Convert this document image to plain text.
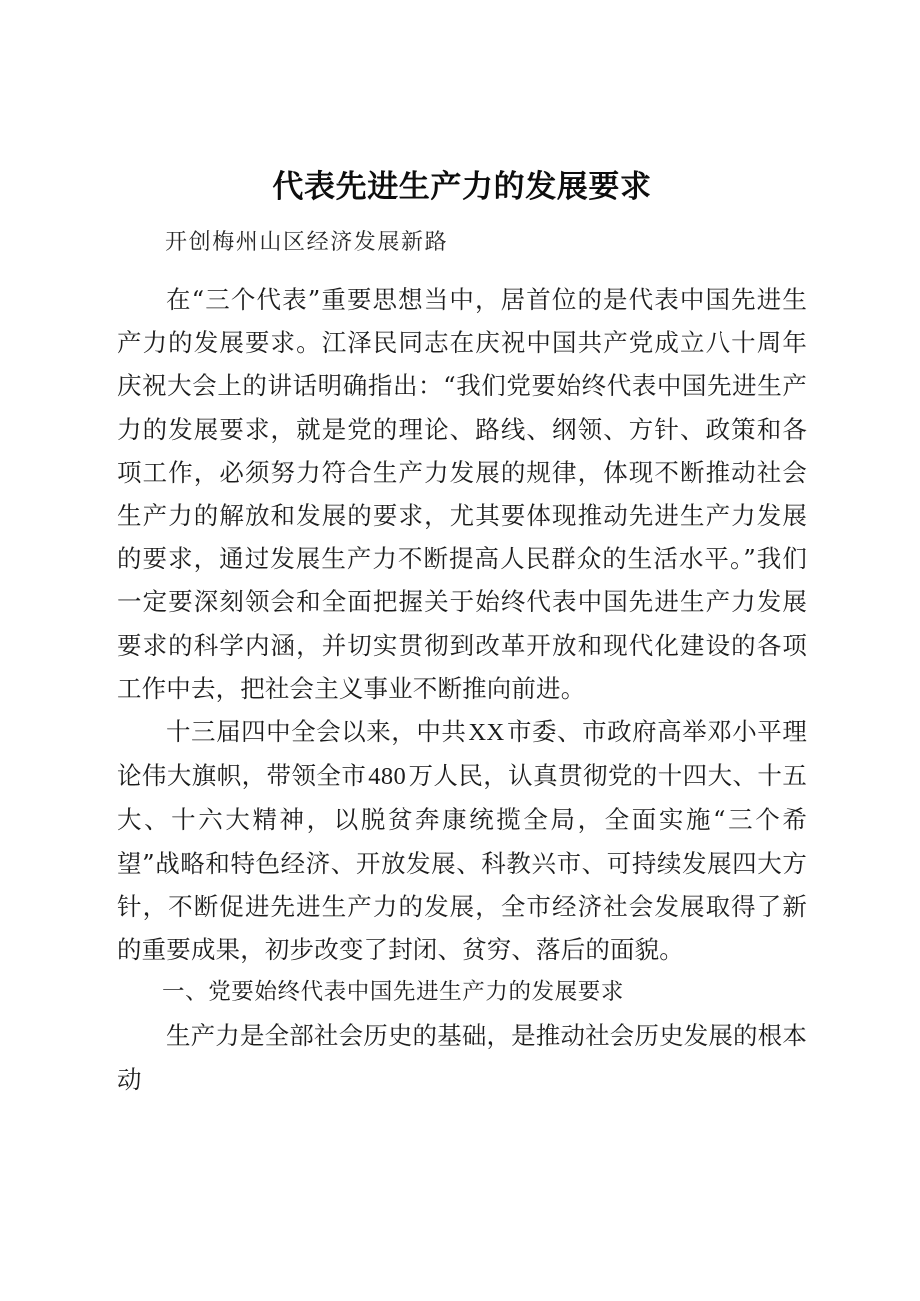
代表先进生产力的发展要求
开创梅州山区经济发展新路

在“三个代表”重要思想当中，居首位的是代表中国先进生产力的发展要求。江泽民同志在庆祝中国共产党成立八十周年庆祝大会上的讲话明确指出：“我们党要始终代表中国先进生产力的发展要求，就是党的理论、路线、纲领、方针、政策和各项工作，必须努力符合生产力发展的规律，体现不断推动社会生产力的解放和发展的要求，尤其要体现推动先进生产力发展的要求，通过发展生产力不断提高人民群众的生活水平。”我们一定要深刻领会和全面把握关于始终代表中国先进生产力发展要求的科学内涵，并切实贯彻到改革开放和现代化建设的各项工作中去，把社会主义事业不断推向前进。

十三届四中全会以来，中共XX市委、市政府高举邓小平理论伟大旗帜，带领全市480万人民，认真贯彻党的十四大、十五大、十六大精神，以脱贫奔康统揽全局，全面实施“三个希望”战略和特色经济、开放发展、科教兴市、可持续发展四大方针，不断促进先进生产力的发展，全市经济社会发展取得了新的重要成果，初步改变了封闭、贫穷、落后的面貌。

一、党要始终代表中国先进生产力的发展要求

生产力是全部社会历史的基础，是推动社会历史发展的根本动
